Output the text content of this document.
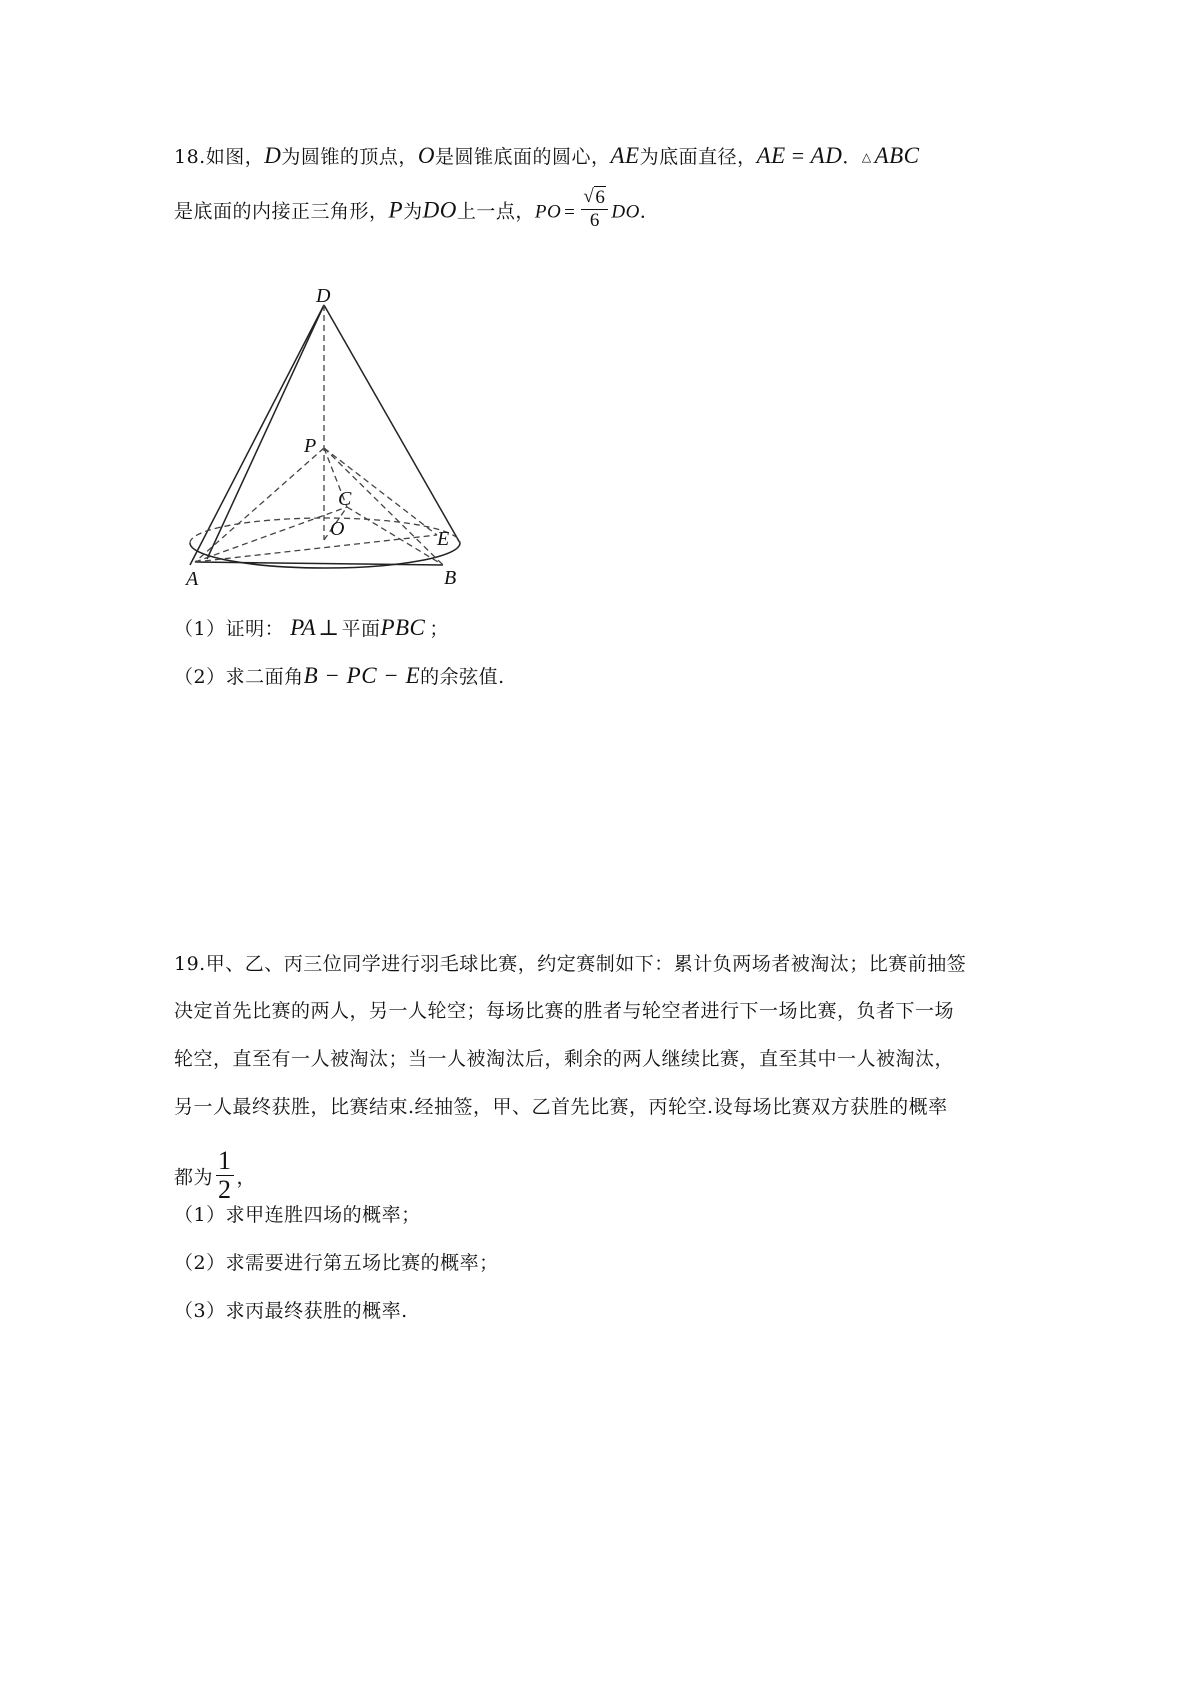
18.如图，D为圆锥的顶点，O是圆锥底面的圆心，AE为底面直径，AE = AD．△ ABC
是底面的内接正三角形，P为DO上一点，PO = $\frac{√ 6}{6}$ DO．
D
P
C
O	E
A	B
（1）证明： PA⊥ 平面PBC ；
（2）求二面角B − PC − E的余弦值.
19.甲、乙、丙三位同学进行羽毛球比赛，约定赛制如下：累计负两场者被淘汰；比赛前抽签
决定首先比赛的两人，另一人轮空；每场比赛的胜者与轮空者进行下一场比赛，负者下一场
轮空，直至有一人被淘汰；当一人被淘汰后，剩余的两人继续比赛，直至其中一人被淘汰，
另一人最终获胜，比赛结束.经抽签，甲、乙首先比赛，丙轮空.设每场比赛双方获胜的概率
都为 $\frac{1}{2}$ ，
（1）求甲连胜四场的概率；
（2）求需要进行第五场比赛的概率；
（3）求丙最终获胜的概率.
